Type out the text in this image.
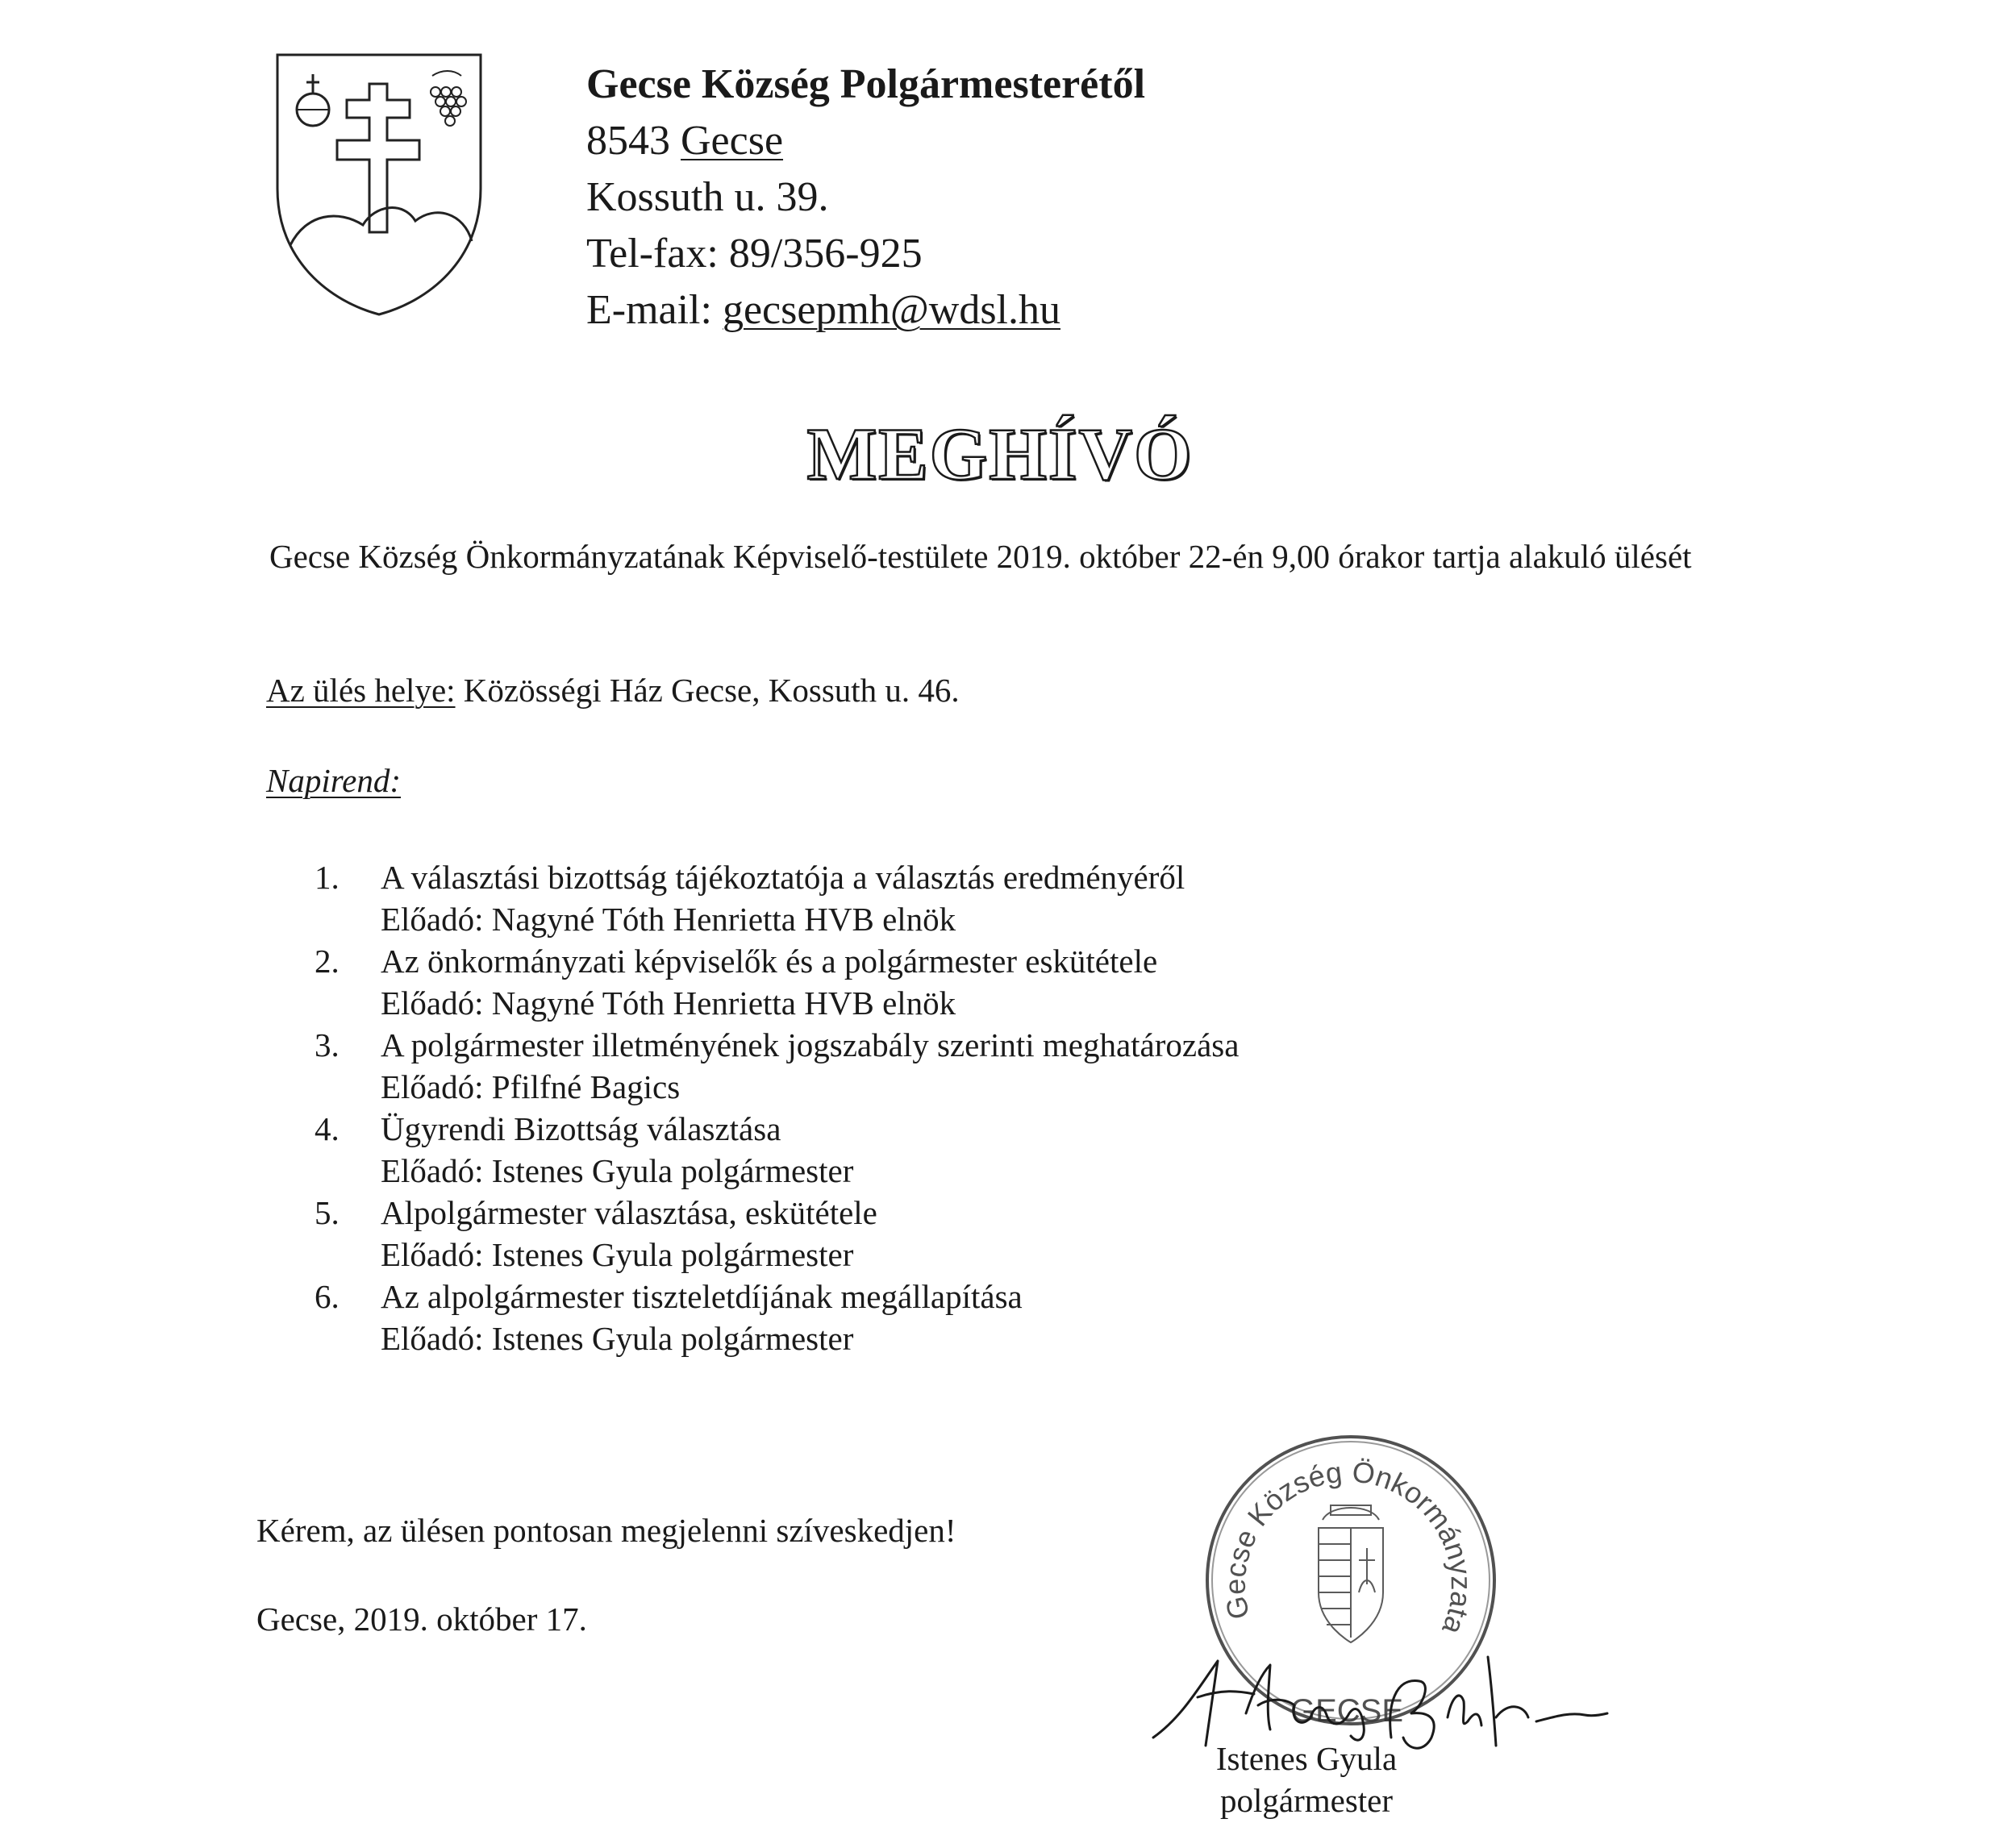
Gecse Község Polgármesterétől
8543 Gecse
Kossuth u. 39.
Tel-fax: 89/356-925
E-mail: gecsepmh@wdsl.hu
MEGHÍVÓ
Gecse Község Önkormányzatának Képviselő-testülete 2019. október 22-én 9,00 órakor tartja alakuló ülését
Az ülés helye: Közösségi Ház Gecse, Kossuth u. 46.
Napirend:
1. A választási bizottság tájékoztatója a választás eredményéről
Előadó: Nagyné Tóth Henrietta HVB elnök
2. Az önkormányzati képviselők és a polgármester eskütétele
Előadó: Nagyné Tóth Henrietta HVB elnök
3. A polgármester illetményének jogszabály szerinti meghatározása
Előadó: Pfilfné Bagics
4. Ügyrendi Bizottság választása
Előadó: Istenes Gyula polgármester
5. Alpolgármester választása, eskütétele
Előadó: Istenes Gyula polgármester
6. Az alpolgármester tiszteletdíjának megállapítása
Előadó: Istenes Gyula polgármester
Kérem, az ülésen pontosan megjelenni szíveskedjen!
Gecse, 2019. október 17.	Gecse Község Önkormányzata
GECSE
Istenes Gyula
polgármester
